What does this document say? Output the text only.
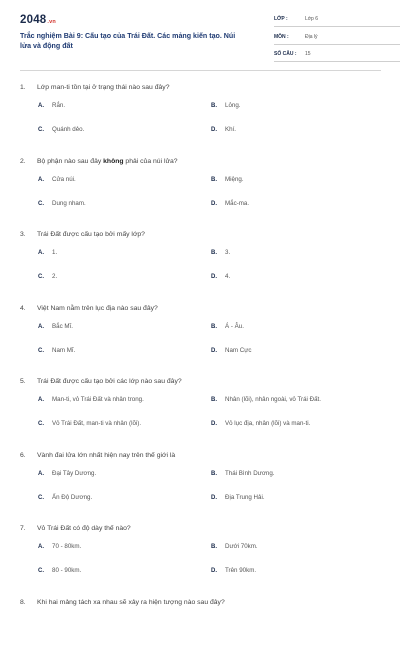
2048.vn
Trắc nghiệm Bài 9: Cấu tạo của Trái Đất. Các mảng kiến tạo. Núi lửa và động đất
LỚP :	Lớp 6
MÔN :	Địa lý
SỐ CÂU : 15
1. Lớp man-ti tồn tại ở trạng thái nào sau đây?
A. Rắn.	B. Lỏng.
C. Quánh dẻo.	D. Khí.
2. Bộ phận nào sau đây không phải của núi lửa?
A. Cửa núi.	B. Miệng.
C. Dung nham.	D. Mắc-ma.
3. Trái Đất được cấu tạo bởi mấy lớp?
A. 1.	B. 3.
C. 2.	D. 4.
4. Việt Nam nằm trên lục địa nào sau đây?
A. Bắc Mĩ.	B. Á - Âu.
C. Nam Mĩ.	D. Nam Cực
5. Trái Đất được cấu tạo bởi các lớp nào sau đây?
A. Man-ti, vỏ Trái Đất và nhân trong.	B. Nhân (lõi), nhân ngoài, vỏ Trái Đất.
C. Vỏ Trái Đất, man-ti và nhân (lõi).	D. Vỏ lục địa, nhân (lõi) và man-ti.
6. Vành đai lửa lớn nhất hiện nay trên thế giới là
A. Đại Tây Dương.	B. Thái Bình Dương.
C. Ấn Độ Dương.	D. Địa Trung Hải.
7. Vỏ Trái Đất có độ dày thế nào?
A. 70 - 80km.	B. Dưới 70km.
C. 80 - 90km.	D. Trên 90km.
8. Khi hai mảng tách xa nhau sẽ xảy ra hiện tượng nào sau đây?
